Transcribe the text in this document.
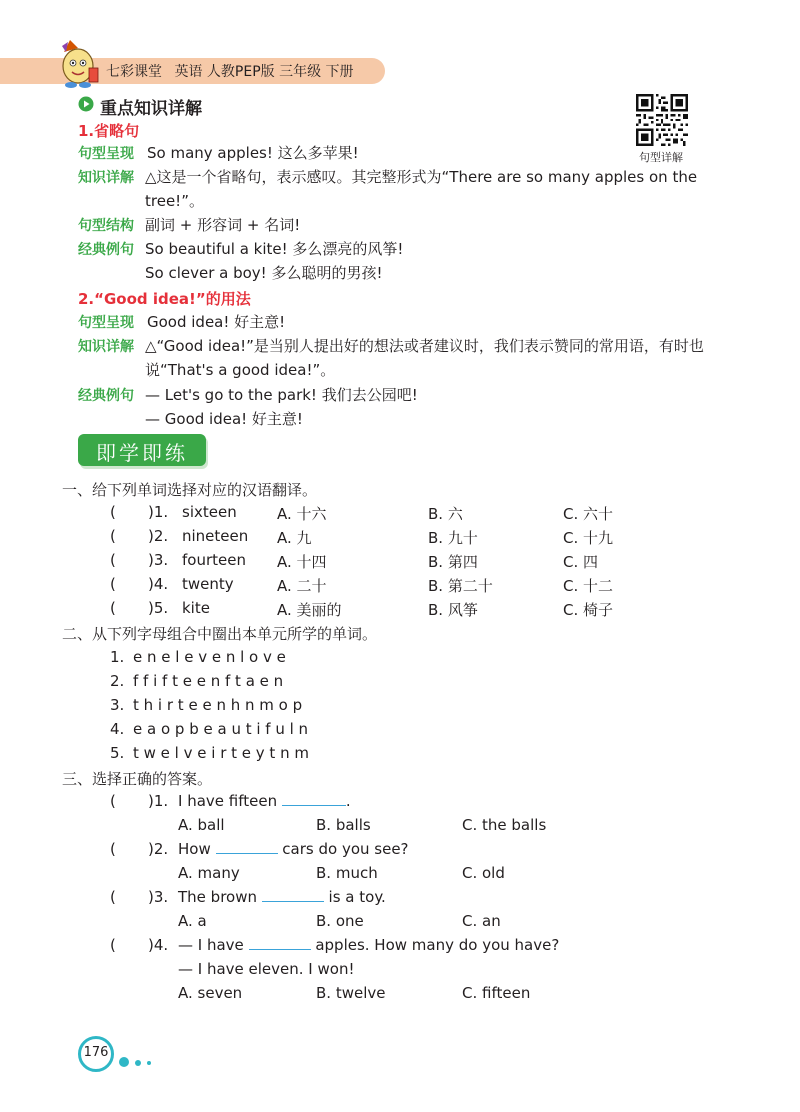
七彩课堂 英语 人教PEP版 三年级 下册
重点知识详解
句型详解
1.省略句
句型呈现 So many apples! 这么多苹果!
知识详解 △这是一个省略句，表示感叹。其完整形式为“There are so many apples on the
tree!”。
句型结构 副词 + 形容词 + 名词!
经典例句 So beautiful a kite! 多么漂亮的风筝!
So clever a boy! 多么聪明的男孩!
2.“Good idea!”的用法
句型呈现 Good idea! 好主意!
知识详解 △“Good idea!”是当别人提出好的想法或者建议时，我们表示赞同的常用语，有时也
说“That's a good idea!”。
经典例句 — Let's go to the park! 我们去公园吧!
— Good idea! 好主意!
即学即练
一、给下列单词选择对应的汉语翻译。
( )1. sixteen	A. 十六	B. 六	C. 六十
( )2. nineteen A. 九	B. 九十	C. 十九
( )3. fourteen A. 十四	B. 第四	C. 四
( )4. twenty	A. 二十	B. 第二十	C. 十二
( )5. kite	A. 美丽的	B. 风筝	C. 椅子
二、从下列字母组合中圈出本单元所学的单词。
1. e n e l e v e n l o v e
2. f f i f t e e n f t a e n
3. t h i r t e e n h n m o p
4. e a o p b e a u t i f u l n
5. t w e l v e i r t e y t n m
三、选择正确的答案。
( )1. I have fifteen	.
A. ball	B. balls	C. the balls
( )2. How	cars do you see?
A. many	B. much	C. old
( )3. The brown	is a toy.
A. a	B. one	C. an
( )4. — I have	apples. How many do you have?
— I have eleven. I won!
A. seven	B. twelve	C. fifteen
176
